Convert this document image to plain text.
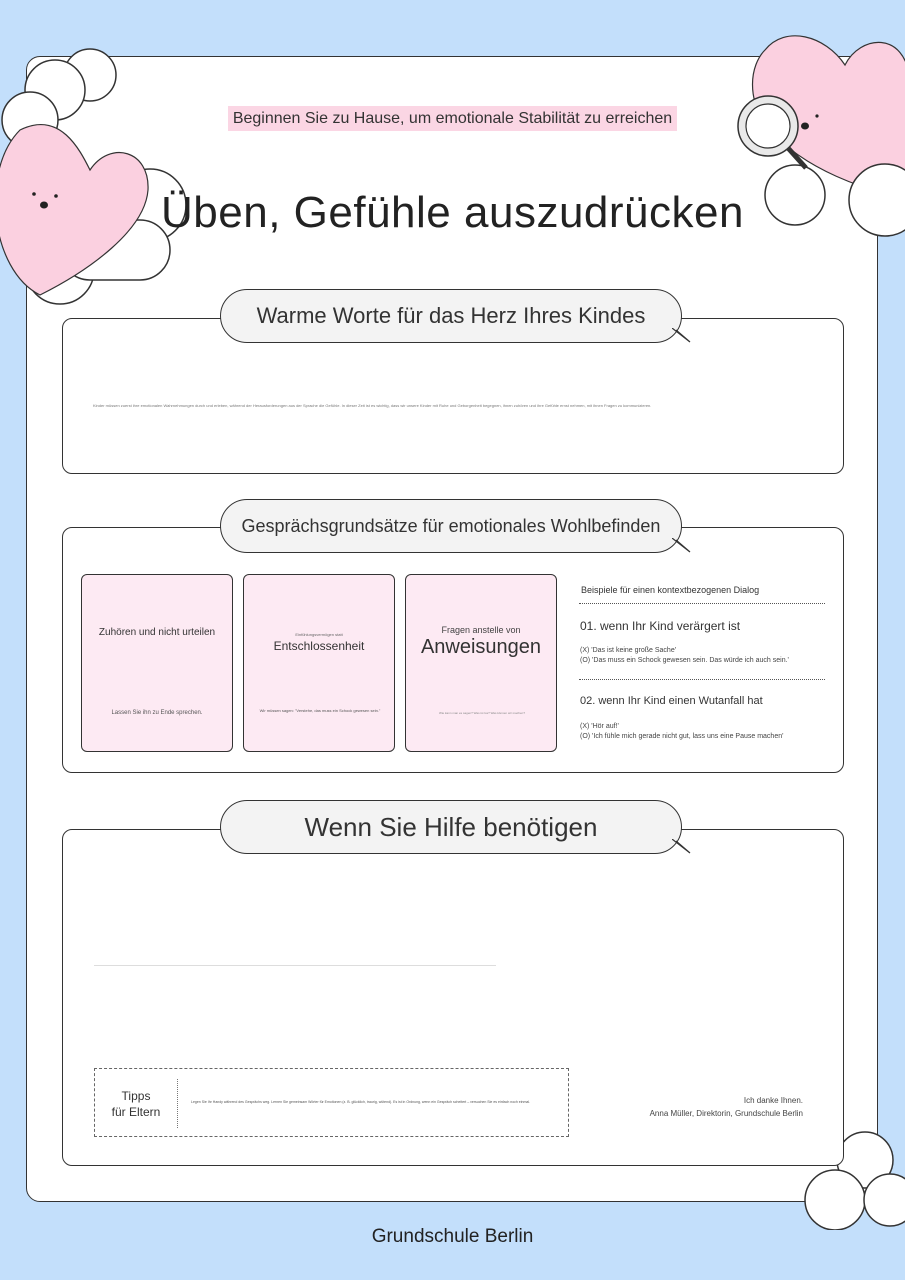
Beginnen Sie zu Hause, um emotionale Stabilität zu erreichen
Üben, Gefühle auszudrücken
Kinder müssen zuerst ihre emotionalen Wahrnehmungen durch und erleben, während der Herausforderungen aus der Sprache die Gefühle. In dieser Zeit ist es wichtig, dass wir unsere Kinder mit Ruhe und Geborgenheit begegnen, ihnen zuhören und ihre Gefühle ernst nehmen, mit ihnen Fragen zu kommunizieren.
Warme Worte für das Herz Ihres Kindes
Gesprächsgrundsätze für emotionales Wohlbefinden
Zuhören und nicht urteilen
Lassen Sie ihn zu Ende sprechen.
Einfühlungsvermögen statt
Entschlossenheit
Wir müssen sagen: "Verstehe, das muss ein Schock gewesen sein."
Fragen anstelle von
Anweisungen
Wie kann man es sagen? Was ist los? Was können wir machen?
Beispiele für einen kontextbezogenen Dialog
01. wenn Ihr Kind verärgert ist
(X) 'Das ist keine große Sache'
(O) 'Das muss ein Schock gewesen sein. Das würde ich auch sein.'
02. wenn Ihr Kind einen Wutanfall hat
(X) 'Hör auf!'
(O) 'Ich fühle mich gerade nicht gut, lass uns eine Pause machen'
Wenn Sie Hilfe benötigen
Tipps
für Eltern
Legen Sie Ihr Handy während des Gesprächs weg. Lernen Sie gemeinsam Wörter für Emotionen (z. B. glücklich, traurig, wütend). Es ist in Ordnung, wenn ein Gespräch scheitert – versuchen Sie es einfach noch einmal.	Ich danke Ihnen.
Anna Müller, Direktorin, Grundschule Berlin
Grundschule Berlin
